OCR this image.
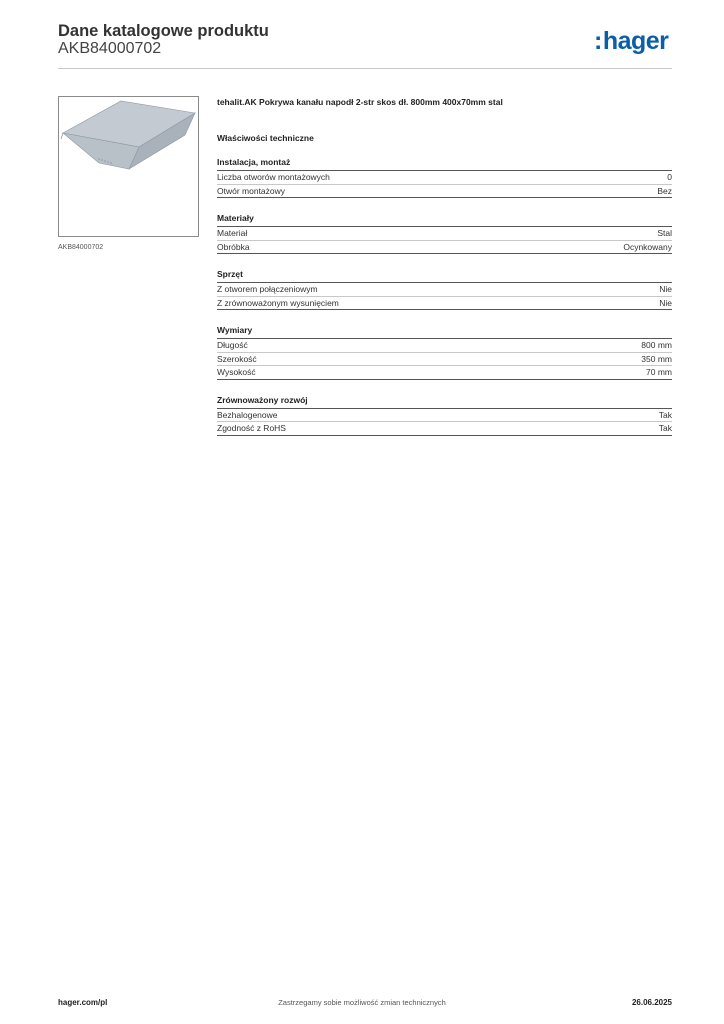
Dane katalogowe produktu
AKB84000702	:hager
AKB84000702
tehalit.AK Pokrywa kanału napodł 2-str skos dł. 800mm 400x70mm stal
Właściwości techniczne
Instalacja, montaż
Liczba otworów montażowych	0
Otwór montażowy	Bez
Materiały
Materiał	Stal
Obróbka	Ocynkowany
Sprzęt
Z otworem połączeniowym	Nie
Z zrównoważonym wysunięciem	Nie
Wymiary
Długość	800 mm
Szerokość	350 mm
Wysokość	70 mm
Zrównoważony rozwój
Bezhalogenowe	Tak
Zgodność z RoHS	Tak
hager.com/pl	Zastrzegamy sobie możliwość zmian technicznych	26.06.2025
